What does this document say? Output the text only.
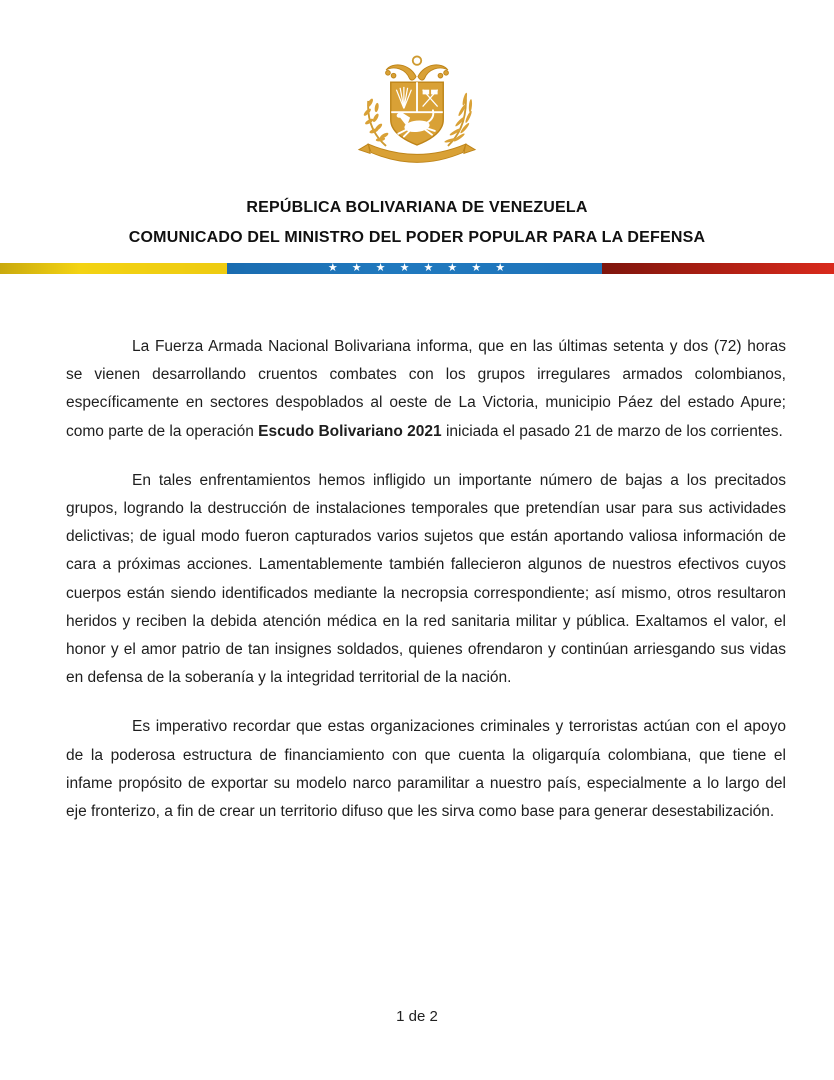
REPÚBLICA BOLIVARIANA DE VENEZUELA
COMUNICADO DEL MINISTRO DEL PODER POPULAR PARA LA DEFENSA
★ ★ ★ ★ ★ ★ ★ ★

La Fuerza Armada Nacional Bolivariana informa, que en las últimas setenta y dos (72) horas se vienen desarrollando cruentos combates con los grupos irregulares armados colombianos, específicamente en sectores despoblados al oeste de La Victoria, municipio Páez del estado Apure; como parte de la operación Escudo Bolivariano 2021 iniciada el pasado 21 de marzo de los corrientes.

En tales enfrentamientos hemos infligido un importante número de bajas a los precitados grupos, logrando la destrucción de instalaciones temporales que pretendían usar para sus actividades delictivas; de igual modo fueron capturados varios sujetos que están aportando valiosa información de cara a próximas acciones. Lamentablemente también fallecieron algunos de nuestros efectivos cuyos cuerpos están siendo identificados mediante la necropsia correspondiente; así mismo, otros resultaron heridos y reciben la debida atención médica en la red sanitaria militar y pública. Exaltamos el valor, el honor y el amor patrio de tan insignes soldados, quienes ofrendaron y continúan arriesgando sus vidas en defensa de la soberanía y la integridad territorial de la nación.

Es imperativo recordar que estas organizaciones criminales y terroristas actúan con el apoyo de la poderosa estructura de financiamiento con que cuenta la oligarquía colombiana, que tiene el infame propósito de exportar su modelo narco paramilitar a nuestro país, especialmente a lo largo del eje fronterizo, a fin de crear un territorio difuso que les sirva como base para generar desestabilización.

1 de 2
